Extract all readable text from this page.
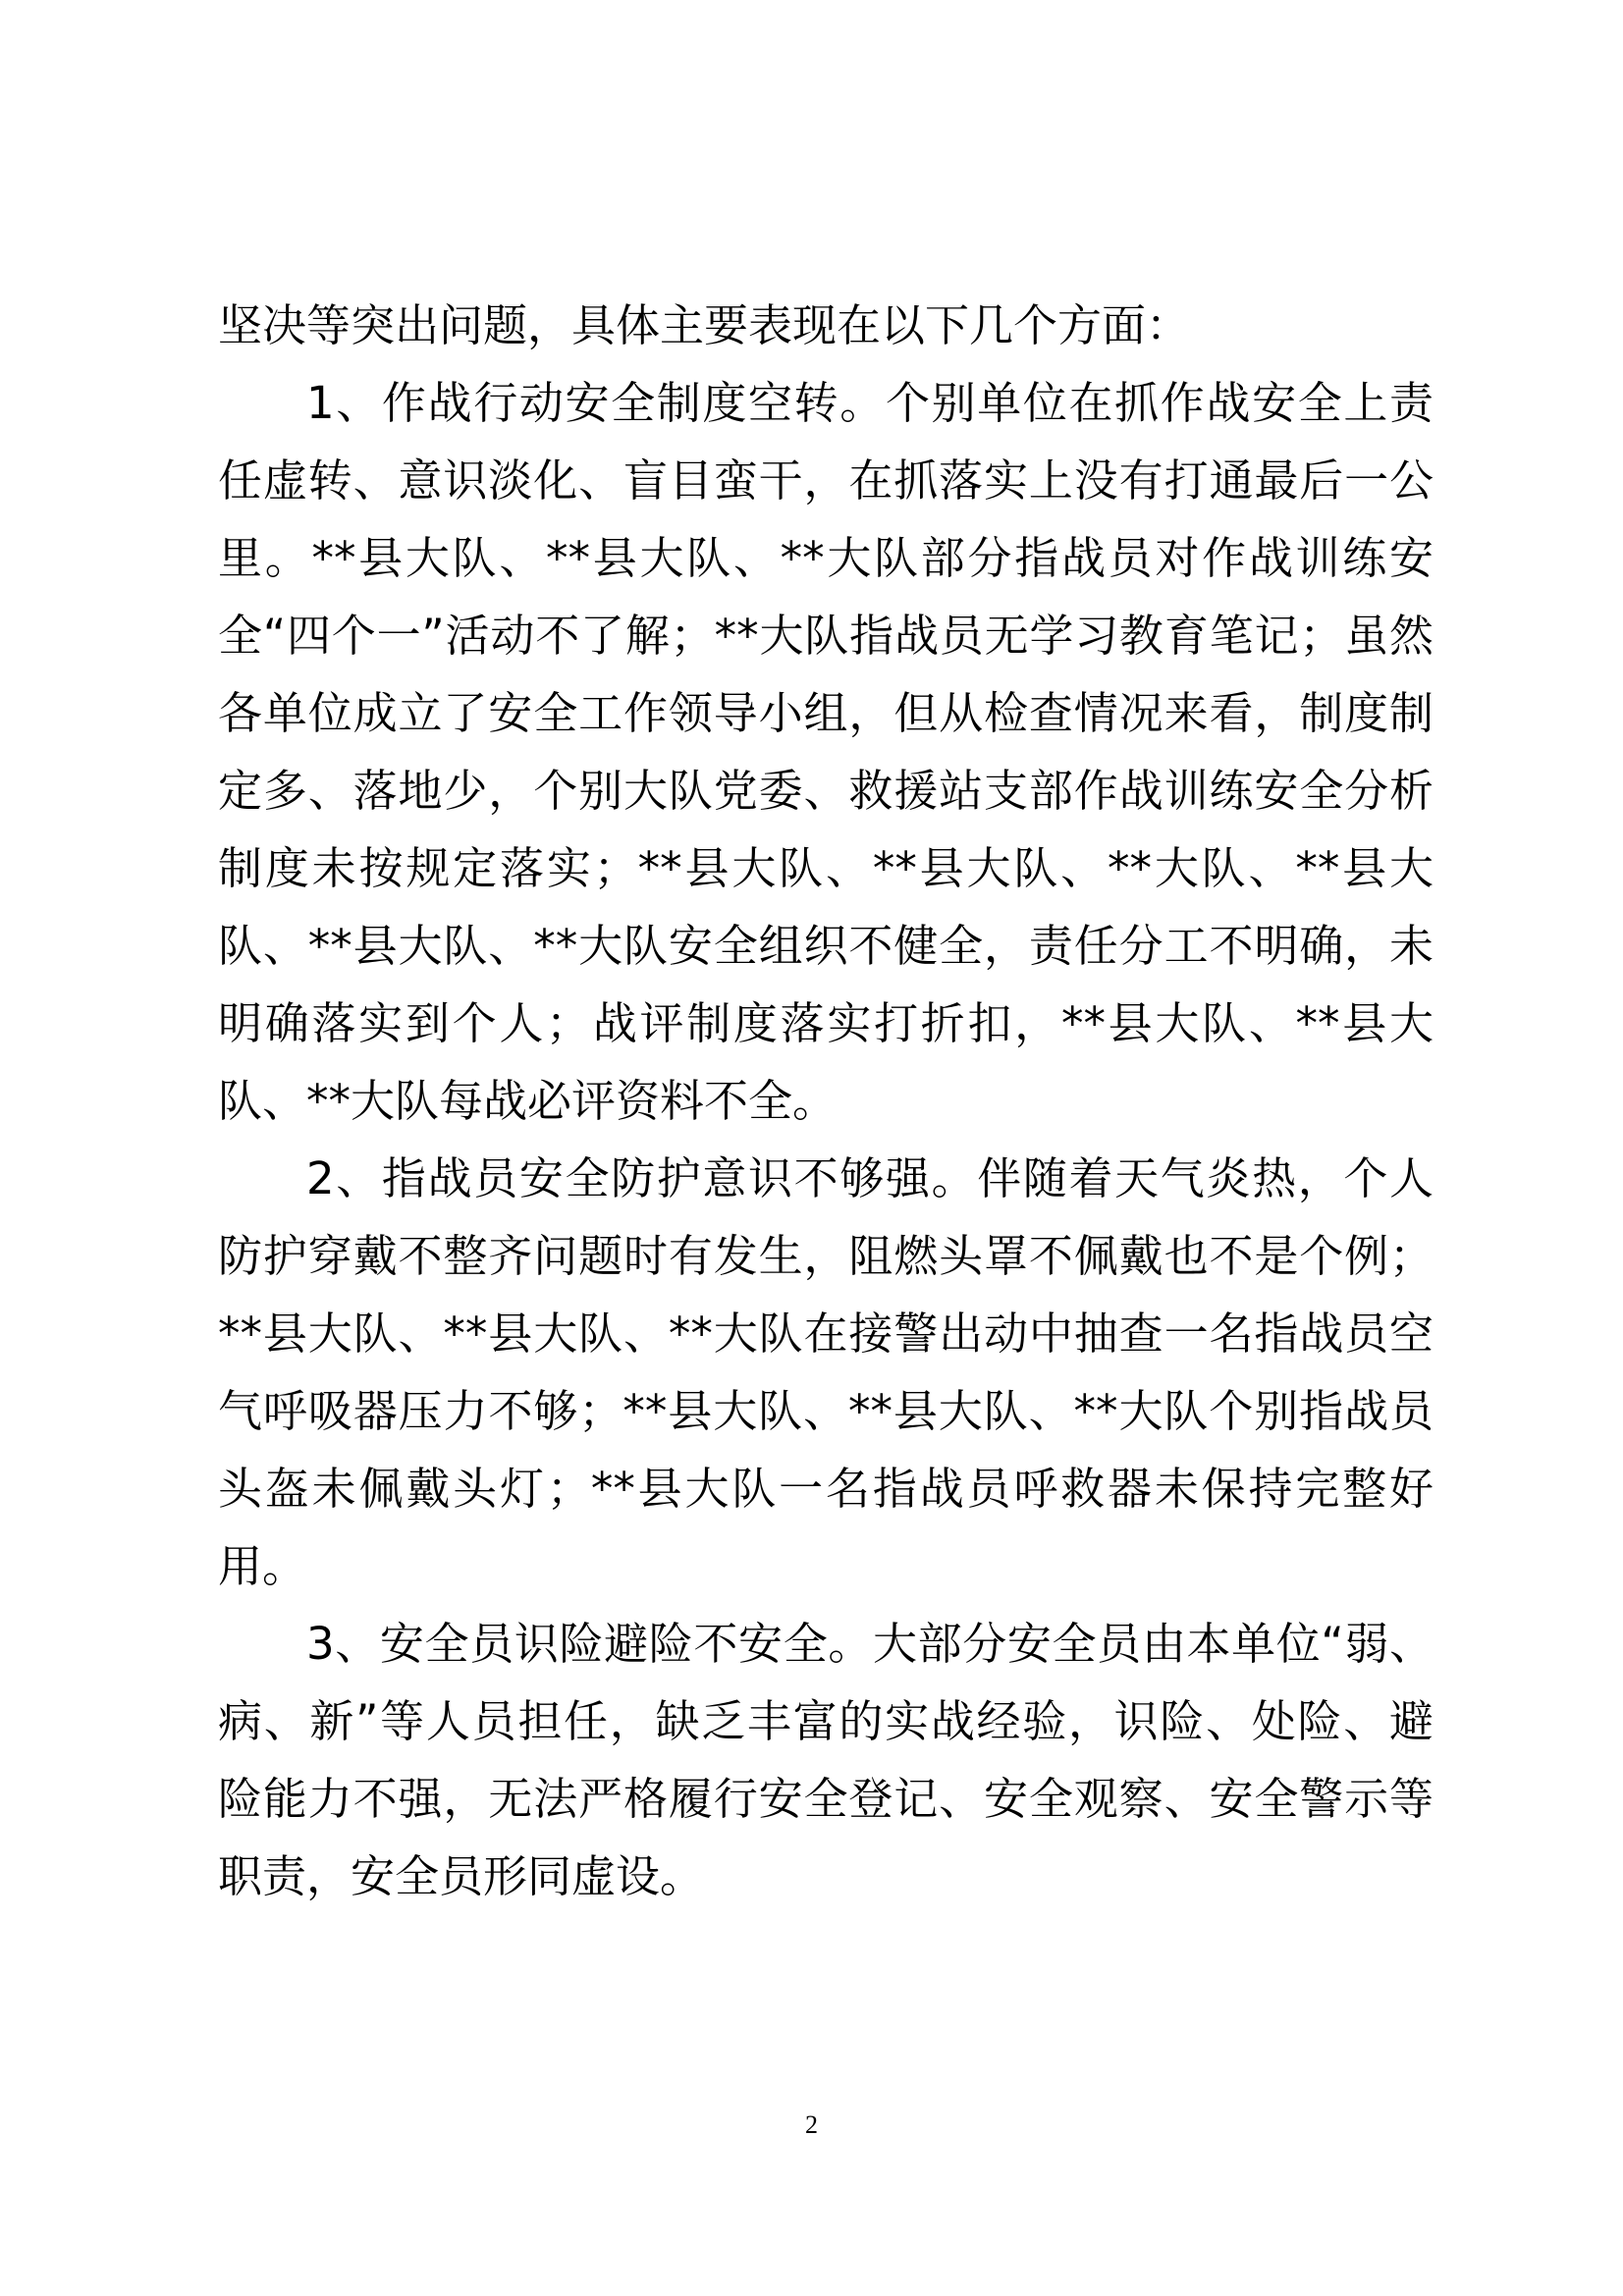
坚决等突出问题，具体主要表现在以下几个方面：

1、作战行动安全制度空转。个别单位在抓作战安全上责任虚转、意识淡化、盲目蛮干，在抓落实上没有打通最后一公里。**县大队、**县大队、**大队部分指战员对作战训练安全“四个一”活动不了解；**大队指战员无学习教育笔记；虽然各单位成立了安全工作领导小组，但从检查情况来看，制度制定多、落地少，个别大队党委、救援站支部作战训练安全分析制度未按规定落实；**县大队、**县大队、**大队、**县大队、**县大队、**大队安全组织不健全，责任分工不明确，未明确落实到个人；战评制度落实打折扣，**县大队、**县大队、**大队每战必评资料不全。

2、指战员安全防护意识不够强。伴随着天气炎热，个人防护穿戴不整齐问题时有发生，阻燃头罩不佩戴也不是个例；**县大队、**县大队、**大队在接警出动中抽查一名指战员空气呼吸器压力不够；**县大队、**县大队、**大队个别指战员头盔未佩戴头灯；**县大队一名指战员呼救器未保持完整好用。

3、安全员识险避险不安全。大部分安全员由本单位“弱、病、新”等人员担任，缺乏丰富的实战经验，识险、处险、避险能力不强，无法严格履行安全登记、安全观察、安全警示等职责，安全员形同虚设。

2
